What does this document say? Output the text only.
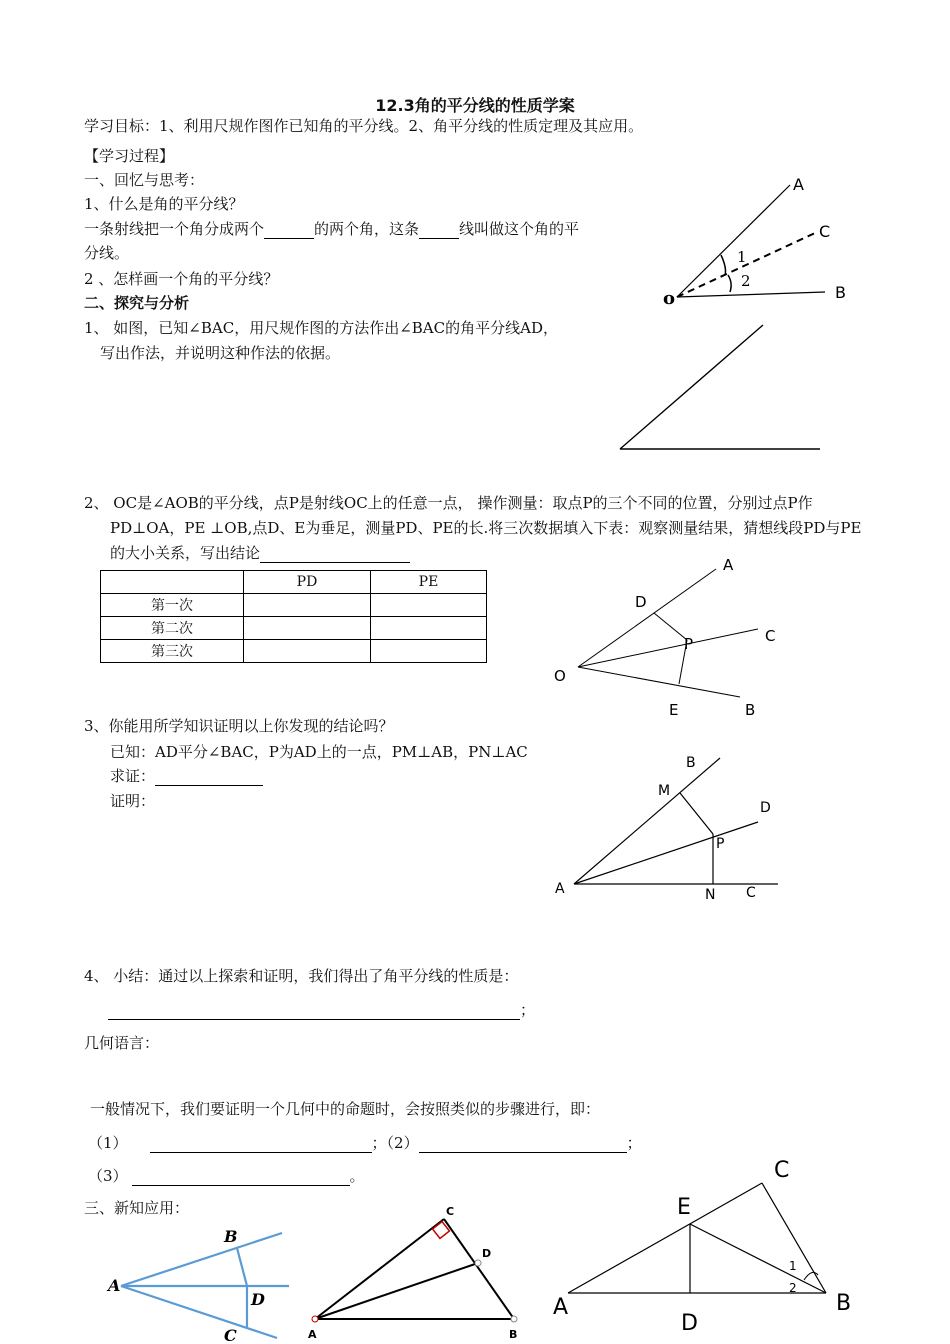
12.3角的平分线的性质学案
学习目标：1、利用尺规作图作已知角的平分线。2、角平分线的性质定理及其应用。
【学习过程】
一、回忆与思考：
1、什么是角的平分线？
一条射线把一个角分成两个	的两个角，这条	线叫做这个角的平
分线。
2 、怎样画一个角的平分线？
二、探究与分析
1、 如图，已知∠BAC，用尺规作图的方法作出∠BAC的角平分线AD，
写出作法，并说明这种作法的依据。
A
C
B
o
1
2
2、 OC是∠AOB的平分线，点P是射线OC上的任意一点， 操作测量：取点P的三个不同的位置，分别过点P作
PD⊥OA，PE ⊥OB,点D、E为垂足，测量PD、PE的长.将三次数据填入下表：观察测量结果，猜想线段PD与PE
的大小关系，写出结论
	PD	PE
第一次		
第二次		
第三次		
A
D
C
P
O
E	B
3、你能用所学知识证明以上你发现的结论吗？
已知：AD平分∠BAC，P为AD上的一点，PM⊥AB，PN⊥AC
求证：
证明：
B
M
D
P
A	N C
4、 小结：通过以上探索和证明，我们得出了角平分线的性质是：
；
几何语言：
一般情况下，我们要证明一个几何中的命题时，会按照类似的步骤进行，即：
（1）	；（2）	；
（3）	。
三、新知应用：
B
A
D
C
C
D
A	B
C
E
A
D
B
1
2
